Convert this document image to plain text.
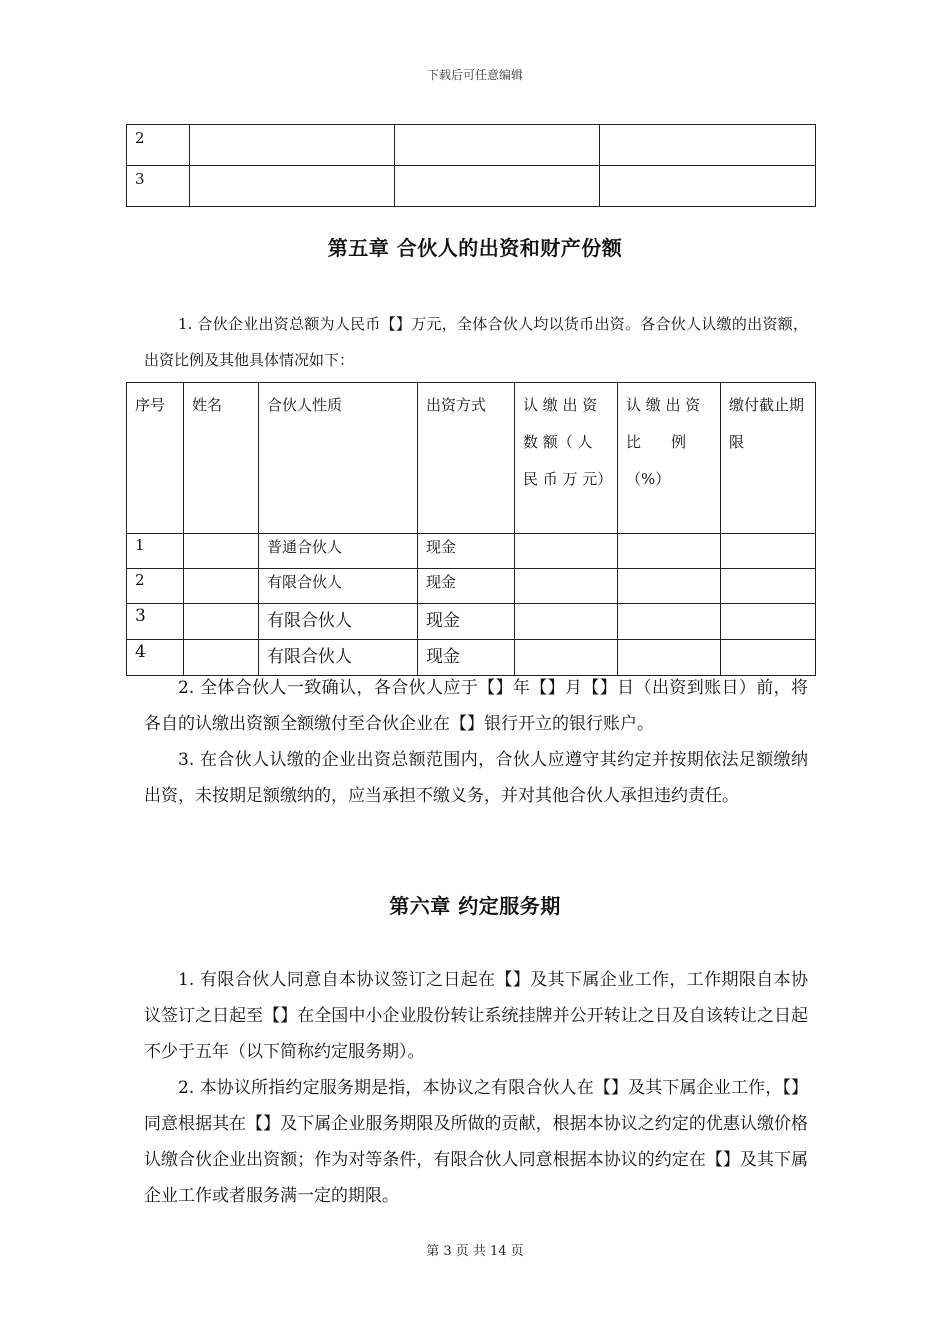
下载后可任意编辑
2			
3			
第五章 合伙人的出资和财产份额

1. 合伙企业出资总额为人民币【】万元，全体合伙人均以货币出资。各合伙人认缴的出资额，出资比例及其他具体情况如下：

序号	姓名	合伙人性质	出资方式	认 缴 出 资 数 额（ 人 民 币 万 元）	认 缴 出 资 比　　例（%）	缴付截止期限
1		普通合伙人	现金			
2		有限合伙人	现金			
3		有限合伙人	现金			
4		有限合伙人	现金			

2. 全体合伙人一致确认，各合伙人应于【】年【】月【】日（出资到账日）前，将各自的认缴出资额全额缴付至合伙企业在【】银行开立的银行账户。

3. 在合伙人认缴的企业出资总额范围内，合伙人应遵守其约定并按期依法足额缴纳出资，未按期足额缴纳的，应当承担不缴义务，并对其他合伙人承担违约责任。

第六章 约定服务期

1. 有限合伙人同意自本协议签订之日起在【】及其下属企业工作，工作期限自本协议签订之日起至【】在全国中小企业股份转让系统挂牌并公开转让之日及自该转让之日起不少于五年（以下简称约定服务期）。

2. 本协议所指约定服务期是指，本协议之有限合伙人在【】及其下属企业工作，【】同意根据其在【】及下属企业服务期限及所做的贡献，根据本协议之约定的优惠认缴价格认缴合伙企业出资额；作为对等条件，有限合伙人同意根据本协议的约定在【】及其下属企业工作或者服务满一定的期限。

第 3 页 共 14 页
